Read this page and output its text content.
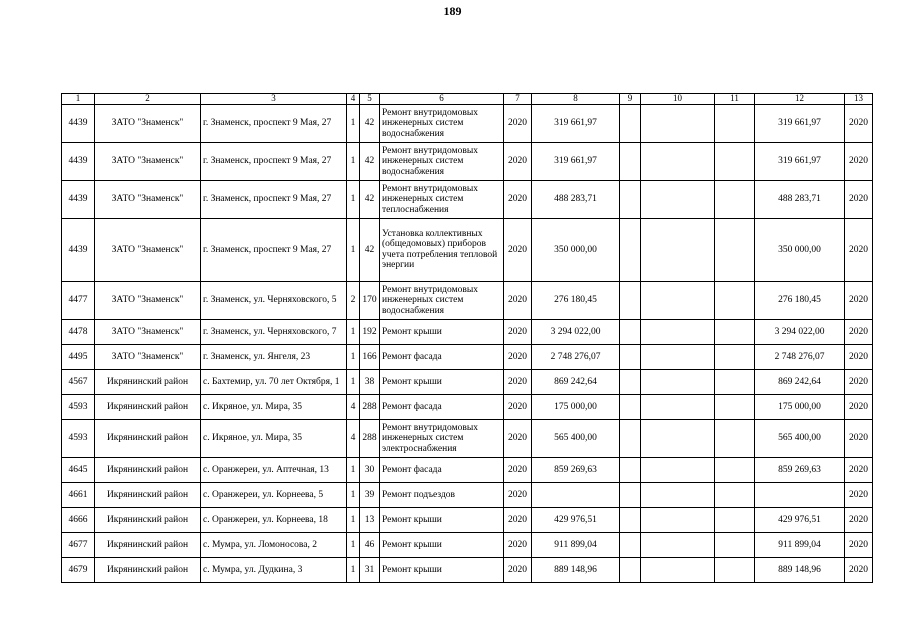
189
1	2	3	4	5	6	7	8	9	10	11	12	13
4439	ЗАТО "Знаменск"	г. Знаменск, проспект 9 Мая, 27	1	42	Ремонт внутридомовых инженерных систем водоснабжения	2020	319 661,97				319 661,97	2020
4439	ЗАТО "Знаменск"	г. Знаменск, проспект 9 Мая, 27	1	42	Ремонт внутридомовых инженерных систем водоснабжения	2020	319 661,97				319 661,97	2020
4439	ЗАТО "Знаменск"	г. Знаменск, проспект 9 Мая, 27	1	42	Ремонт внутридомовых инженерных систем теплоснабжения	2020	488 283,71				488 283,71	2020
4439	ЗАТО "Знаменск"	г. Знаменск, проспект 9 Мая, 27	1	42	Установка коллективных (общедомовых) приборов учета потребления тепловой энергии	2020	350 000,00				350 000,00	2020
4477	ЗАТО "Знаменск"	г. Знаменск, ул. Черняховского, 5	2	170	Ремонт внутридомовых инженерных систем водоснабжения	2020	276 180,45				276 180,45	2020
4478	ЗАТО "Знаменск"	г. Знаменск, ул. Черняховского, 7	1	192	Ремонт крыши	2020	3 294 022,00				3 294 022,00	2020
4495	ЗАТО "Знаменск"	г. Знаменск, ул. Янгеля, 23	1	166	Ремонт фасада	2020	2 748 276,07				2 748 276,07	2020
4567	Икрянинский район	с. Бахтемир, ул. 70 лет Октября, 1	1	38	Ремонт крыши	2020	869 242,64				869 242,64	2020
4593	Икрянинский район	с. Икряное, ул. Мира, 35	4	288	Ремонт фасада	2020	175 000,00				175 000,00	2020
4593	Икрянинский район	с. Икряное, ул. Мира, 35	4	288	Ремонт внутридомовых инженерных систем электроснабжения	2020	565 400,00				565 400,00	2020
4645	Икрянинский район	с. Оранжереи, ул. Аптечная, 13	1	30	Ремонт фасада	2020	859 269,63				859 269,63	2020
4661	Икрянинский район	с. Оранжереи, ул. Корнеева, 5	1	39	Ремонт подъездов	2020						2020
4666	Икрянинский район	с. Оранжереи, ул. Корнеева, 18	1	13	Ремонт крыши	2020	429 976,51				429 976,51	2020
4677	Икрянинский район	с. Мумра, ул. Ломоносова, 2	1	46	Ремонт крыши	2020	911 899,04				911 899,04	2020
4679	Икрянинский район	с. Мумра, ул. Дудкина, 3	1	31	Ремонт крыши	2020	889 148,96				889 148,96	2020
